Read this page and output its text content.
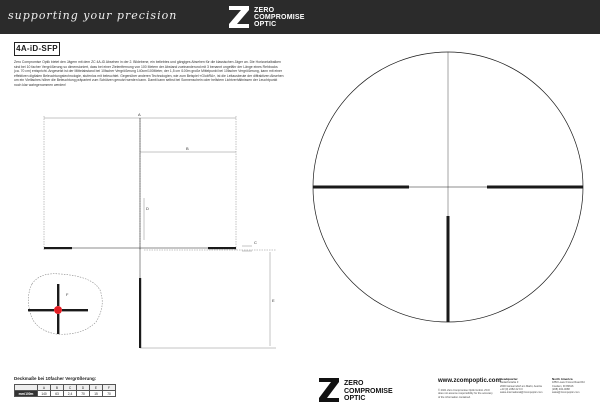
supporting your precision	ZERO
COMPROMISE
OPTIC
4A-iD-SFP
Zero Compromise Optik bietet den Jägern mit dem ZC 4A-iD Absehen in der 2. Bildebene, ein beliebtes und gängiges Absehen für die klassischen Jäger an. Die Horizontalbalken sind bei 10 facher Vergrößerung so dimensioniert, dass bei einer Zielentfernung von 100 Metern der Abstand zueinanderund mit 3 benannt ungefähr der Länge eines Rehbocks (ca. 70 cm) entspricht. Angesetzt ist der Mittelabstand bei 10facher Vergrößerung 140cm/100Meter, der 1,5 cm /100m große Mittelpunkt bei 10facher Vergrößerung, kann mit einer effektiven digitalen Beleuchtungstechnologie, stufenlos mit beleuchtet. Gegenüber anderen Technologien, wie zum Beispiel «GlobRA», ist die Leitausbeute der diffraktiven Absehen um ein Vielfaches höher die Beleuchtung präpariert zum Schützen genutzt werden kann. Damit kann selbst bei Sonnenschein oder hellstem Lichtverhältnissen der Leuchtpunkt noch klar wahrgenommen werden!
A
B
D
C
E
F
Deckmaße bei 10facher Vergrößerung:
	A	B	C	D	E	F
mm/100m	140	63	2,4	70	15	70
ZERO
COMPROMISE
OPTIC
www.zcompoptic.com
© 2021 Zero Compromise Optik GmbH. ZCO does not assume responsibility for the accuracy of the information contained.
Headquarter
Bedachstraße 3
2000 Gänserndorf am Markt, Austria
+43 (0) 2282 22 9 0
sales-international@zcompoptic.com
North America
1850 Lower Forest Road Rd
Coulterv, ID 83616
(208) 402-4668
sales@zcompoptic.com
